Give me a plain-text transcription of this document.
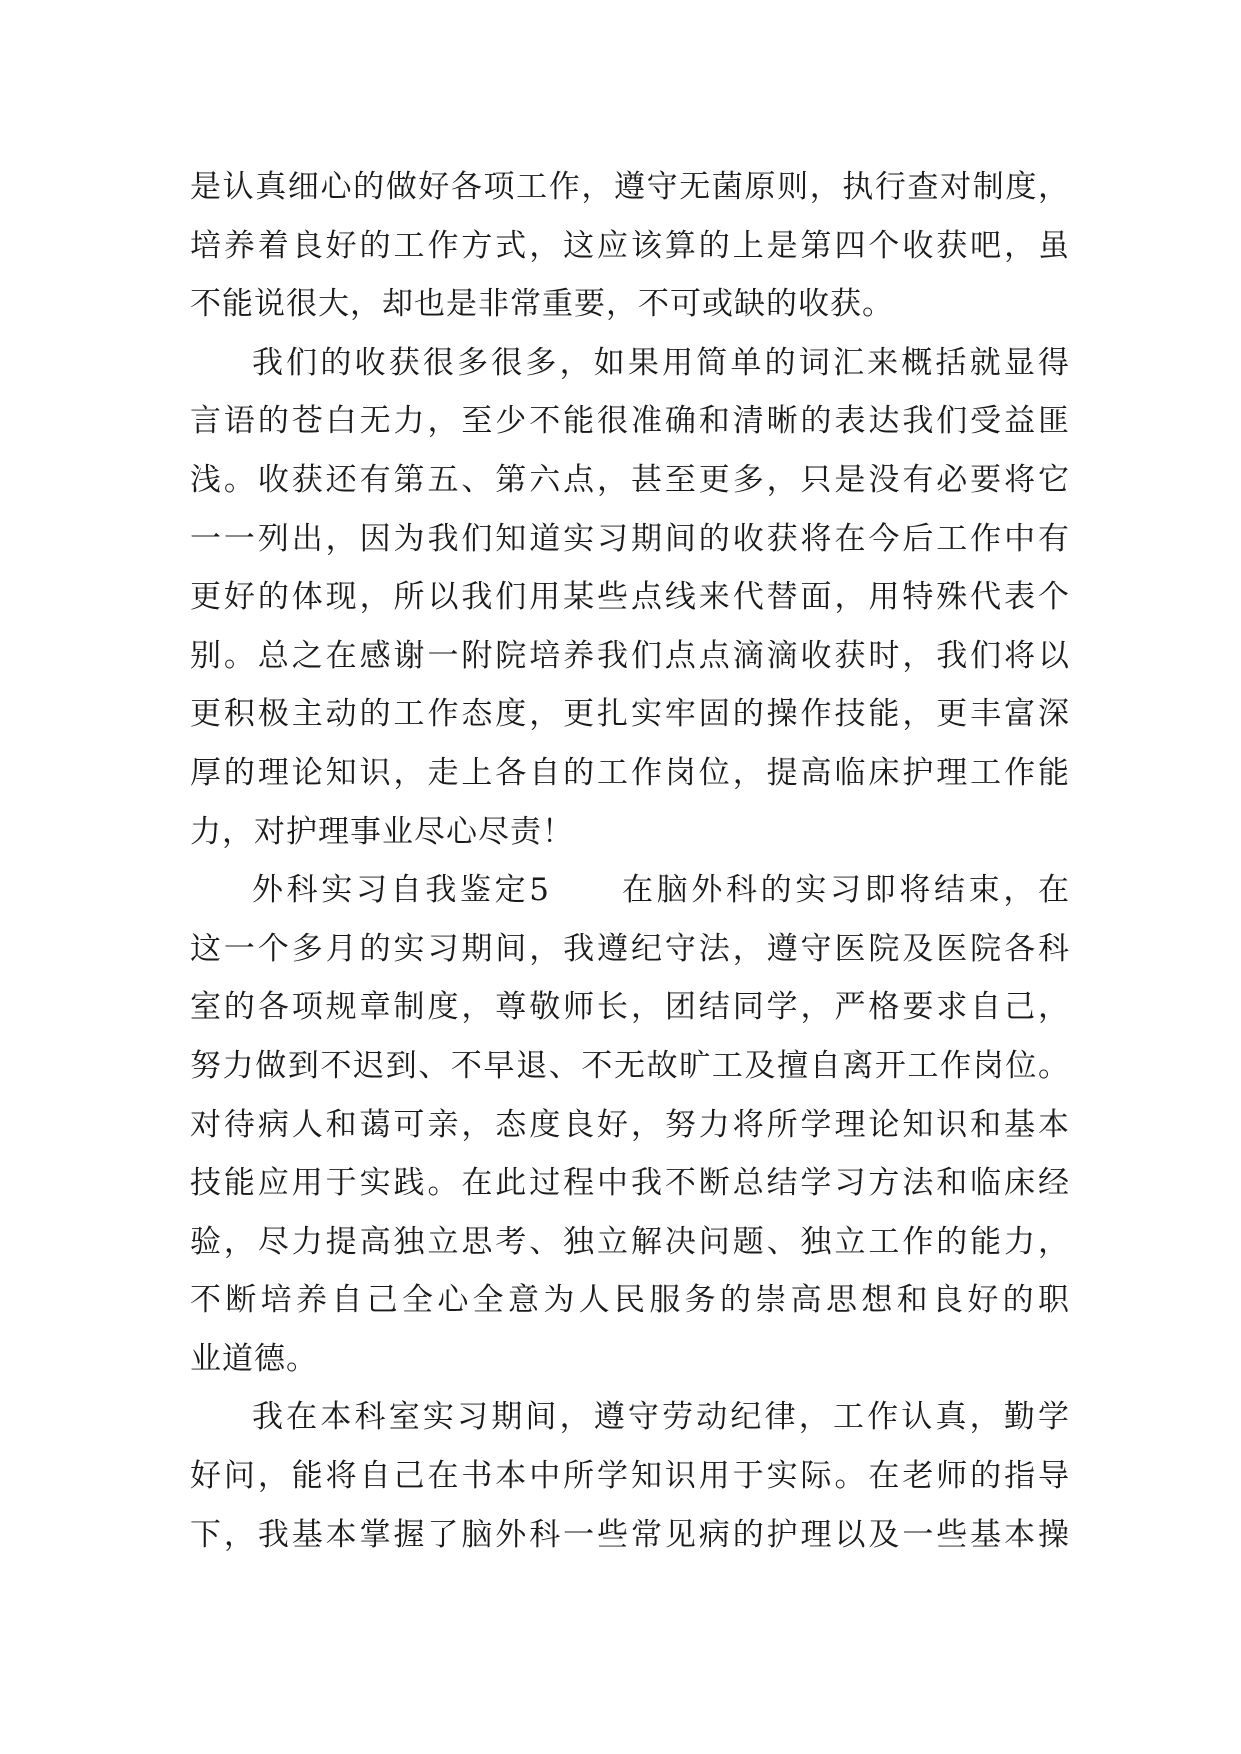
是认真细心的做好各项工作，遵守无菌原则，执行查对制度，
培养着良好的工作方式，这应该算的上是第四个收获吧，虽
不能说很大，却也是非常重要，不可或缺的收获。
我们的收获很多很多，如果用简单的词汇来概括就显得
言语的苍白无力，至少不能很准确和清晰的表达我们受益匪
浅。收获还有第五、第六点，甚至更多，只是没有必要将它
一一列出，因为我们知道实习期间的收获将在今后工作中有
更好的体现，所以我们用某些点线来代替面，用特殊代表个
别。总之在感谢一附院培养我们点点滴滴收获时，我们将以
更积极主动的工作态度，更扎实牢固的操作技能，更丰富深
厚的理论知识，走上各自的工作岗位，提高临床护理工作能
力，对护理事业尽心尽责！
外科实习自我鉴定5　　在脑外科的实习即将结束，在
这一个多月的实习期间，我遵纪守法，遵守医院及医院各科
室的各项规章制度，尊敬师长，团结同学，严格要求自己，
努力做到不迟到、不早退、不无故旷工及擅自离开工作岗位。
对待病人和蔼可亲，态度良好，努力将所学理论知识和基本
技能应用于实践。在此过程中我不断总结学习方法和临床经
验，尽力提高独立思考、独立解决问题、独立工作的能力，
不断培养自己全心全意为人民服务的崇高思想和良好的职
业道德。
我在本科室实习期间，遵守劳动纪律，工作认真，勤学
好问，能将自己在书本中所学知识用于实际。在老师的指导
下，我基本掌握了脑外科一些常见病的护理以及一些基本操
